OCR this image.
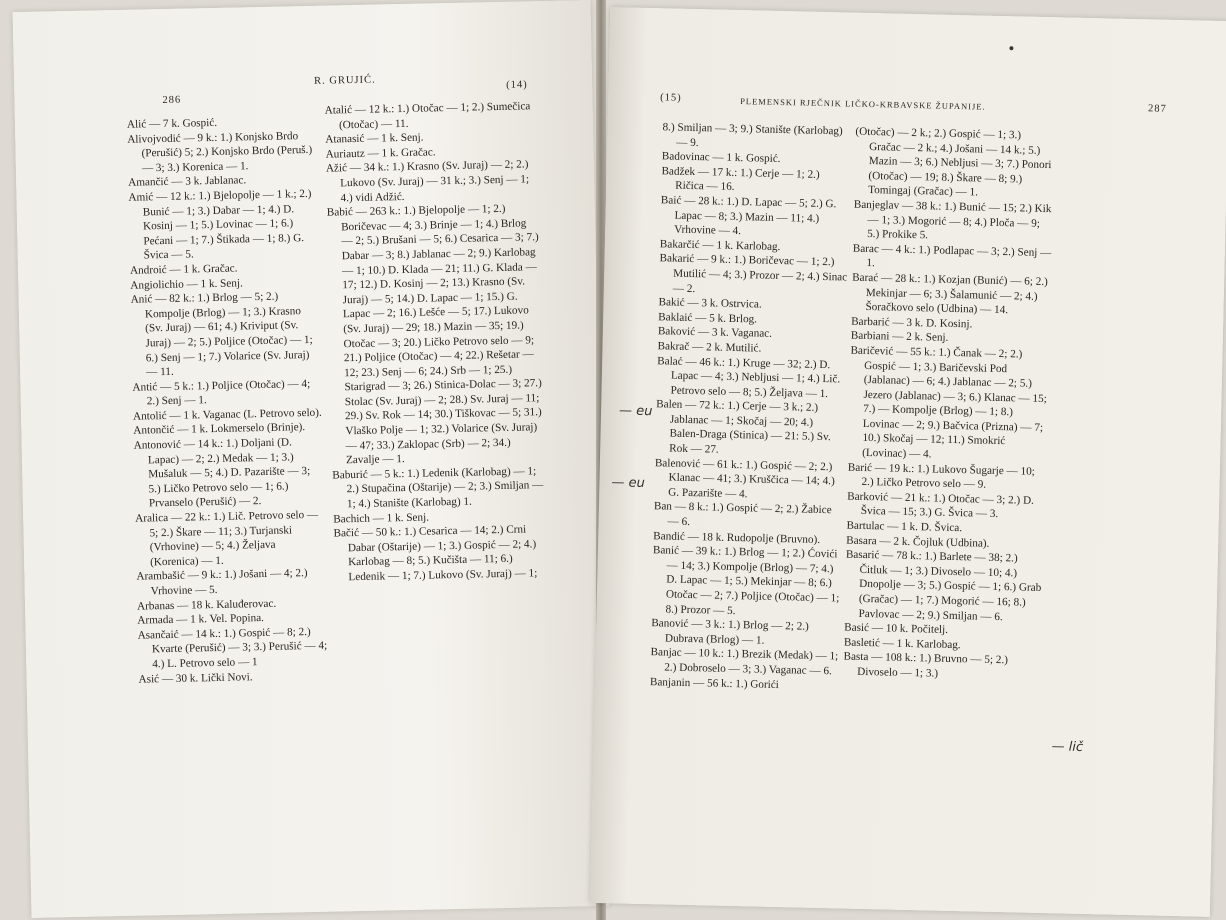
286
R. GRUJIĆ.	(14)

Alić — 7 k. Gospić.

Alivojvodić — 9 k.: 1.) Konjsko Brdo (Perušić) 5; 2.) Konjsko Brdo (Peruš.) — 3; 3.) Korenica — 1.

Amančić — 3 k. Jablanac.

Amić — 12 k.: 1.) Bjelopolje — 1 k.; 2.) Bunić — 1; 3.) Dabar — 1; 4.) D. Kosinj — 1; 5.) Lovinac — 1; 6.) Pećani — 1; 7.) Štikada — 1; 8.) G. Švica — 5.

Androić — 1 k. Gračac.

Angiolichio — 1 k. Senj.

Anić — 82 k.: 1.) Brlog — 5; 2.) Kompolje (Brlog) — 1; 3.) Krasno (Sv. Juraj) — 61; 4.) Kriviput (Sv. Juraj) — 2; 5.) Poljice (Otočac) — 1; 6.) Senj — 1; 7.) Volarice (Sv. Juraj) — 11.

Antić — 5 k.: 1.) Poljice (Otočac) — 4; 2.) Senj — 1.

Antolić — 1 k. Vaganac (L. Petrovo selo).

Antončić — 1 k. Lokmerselo (Brinje).

Antonović — 14 k.: 1.) Doljani (D. Lapac) — 2; 2.) Medak — 1; 3.) Mušaluk — 5; 4.) D. Pazarište — 3; 5.) Ličko Petrovo selo — 1; 6.) Prvanselo (Perušić) — 2.

Aralica — 22 k.: 1.) Lič. Petrovo selo — 5; 2.) Škare — 11; 3.) Turjanski (Vrhovine) — 5; 4.) Željava (Korenica) — 1.

Arambašić — 9 k.: 1.) Jošani — 4; 2.) Vrhovine — 5.

Arbanas — 18 k. Kaluđerovac.

Armada — 1 k. Vel. Popina.

Asančaić — 14 k.: 1.) Gospić — 8; 2.) Kvarte (Perušić) — 3; 3.) Perušić — 4; 4.) L. Petrovo selo — 1

Asić — 30 k. Lički Novi.

Atalić — 12 k.: 1.) Otočac — 1; 2.) Sumečica (Otočac) — 11.

Atanasić — 1 k. Senj.

Auriautz — 1 k. Gračac.

Ažić — 34 k.: 1.) Krasno (Sv. Juraj) — 2; 2.) Lukovo (Sv. Juraj) — 31 k.; 3.) Senj — 1; 4.) vidi Adžić.

Babić — 263 k.: 1.) Bjelopolje — 1; 2.) Boričevac — 4; 3.) Brinje — 1; 4.) Brlog — 2; 5.) Brušani — 5; 6.) Cesarica — 3; 7.) Dabar — 3; 8.) Jablanac — 2; 9.) Karlobag — 1; 10.) D. Klada — 21; 11.) G. Klada — 17; 12.) D. Kosinj — 2; 13.) Krasno (Sv. Juraj) — 5; 14.) D. Lapac — 1; 15.) G. Lapac — 2; 16.) Lešće — 5; 17.) Lukovo (Sv. Juraj) — 29; 18.) Mazin — 35; 19.) Otočac — 3; 20.) Ličko Petrovo selo — 9; 21.) Poljice (Otočac) — 4; 22.) Rešetar — 12; 23.) Senj — 6; 24.) Srb — 1; 25.) Starigrad — 3; 26.) Stinica-Dolac — 3; 27.) Stolac (Sv. Juraj) — 2; 28.) Sv. Juraj — 11; 29.) Sv. Rok — 14; 30.) Tiškovac — 5; 31.) Vlaško Polje — 1; 32.) Volarice (Sv. Juraj) — 47; 33.) Zaklopac (Srb) — 2; 34.) Zavalje — 1.

Baburić — 5 k.: 1.) Ledenik (Karlobag) — 1; 2.) Stupačina (Oštarije) — 2; 3.) Smiljan — 1; 4.) Stanište (Karlobag) 1.

Bachich — 1 k. Senj.

Bačić — 50 k.: 1.) Cesarica — 14; 2.) Crni Dabar (Oštarije) — 1; 3.) Gospić — 2; 4.) Karlobag — 8; 5.) Kučišta — 11; 6.) Ledenik — 1; 7.) Lukovo (Sv. Juraj) — 1;

(15)	PLEMENSKI RJEČNIK LIČKO-KRBAVSKE ŽUPANIJE.	287

8.) Smiljan — 3; 9.) Stanište (Karlobag) — 9.

Badovinac — 1 k. Gospić.

Badžek — 17 k.: 1.) Cerje — 1; 2.) Ričica — 16.

Baić — 28 k.: 1.) D. Lapac — 5; 2.) G. Lapac — 8; 3.) Mazin — 11; 4.) Vrhovine — 4.

Bakarčić — 1 k. Karlobag.

Bakarić — 9 k.: 1.) Boričevac — 1; 2.) Mutilić — 4; 3.) Prozor — 2; 4.) Sinac — 2.

Bakić — 3 k. Ostrvica.

Baklaić — 5 k. Brlog.

Baković — 3 k. Vaganac.

Bakrač — 2 k. Mutilić.

Balać — 46 k.: 1.) Kruge — 32; 2.) D. Lapac — 4; 3.) Nebljusi — 1; 4.) Lič. Petrovo selo — 8; 5.) Željava — 1.

Balen — 72 k.: 1.) Cerje — 3 k.; 2.) Jablanac — 1; Skočaj — 20; 4.) Balen-Draga (Stinica) — 21: 5.) Sv. Rok — 27.

Balenović — 61 k.: 1.) Gospić — 2; 2.) Klanac — 41; 3.) Kruščica — 14; 4.) G. Pazarište — 4.

Ban — 8 k.: 1.) Gospić — 2; 2.) Žabice — 6.

Bandić — 18 k. Rudopolje (Bruvno).

Banić — 39 k.: 1.) Brlog — 1; 2.) Ćovići — 14; 3.) Kompolje (Brlog) — 7; 4.) D. Lapac — 1; 5.) Mekinjar — 8; 6.) Otočac — 2; 7.) Poljice (Otočac) — 1; 8.) Prozor — 5.

Banović — 3 k.: 1.) Brlog — 2; 2.) Dubrava (Brlog) — 1.

Banjac — 10 k.: 1.) Brezik (Medak) — 1; 2.) Dobroselo — 3; 3.) Vaganac — 6.

Banjanin — 56 k.: 1.) Gorići

(Otočac) — 2 k.; 2.) Gospić — 1; 3.) Gračac — 2 k.; 4.) Jošani — 14 k.; 5.) Mazin — 3; 6.) Nebljusi — 3; 7.) Ponori (Otočac) — 19; 8.) Škare — 8; 9.) Tomingaj (Gračac) — 1.

Banjeglav — 38 k.: 1.) Bunić — 15; 2.) Kik — 1; 3.) Mogorić — 8; 4.) Ploča — 9; 5.) Prokike 5.

Barac — 4 k.: 1.) Podlapac — 3; 2.) Senj — 1.

Barać — 28 k.: 1.) Kozjan (Bunić) — 6; 2.) Mekinjar — 6; 3.) Šalamunić — 2; 4.) Šoračkovo selo (Udbina) — 14.

Barbarić — 3 k. D. Kosinj.

Barbiani — 2 k. Senj.

Baričević — 55 k.: 1.) Čanak — 2; 2.) Gospić — 1; 3.) Baričevski Pod (Jablanac) — 6; 4.) Jablanac — 2; 5.) Jezero (Jablanac) — 3; 6.) Klanac — 15; 7.) — Kompolje (Brlog) — 1; 8.) Lovinac — 2; 9.) Bačvica (Prizna) — 7; 10.) Skočaj — 12; 11.) Smokrić (Lovinac) — 4.

Barić — 19 k.: 1.) Lukovo Šugarje — 10; 2.) Ličko Petrovo selo — 9.

Barković — 21 k.: 1.) Otočac — 3; 2.) D. Švica — 15; 3.) G. Švica — 3.

Bartulac — 1 k. D. Švica.

Basara — 2 k. Čojluk (Udbina).

Basarić — 78 k.: 1.) Barlete — 38; 2.) Čitluk — 1; 3.) Divoselo — 10; 4.) Dnopolje — 3; 5.) Gospić — 1; 6.) Grab (Gračac) — 1; 7.) Mogorić — 16; 8.) Pavlovac — 2; 9.) Smiljan — 6.

Basić — 10 k. Počitelj.

Basletić — 1 k. Karlobag.

Basta — 108 k.: 1.) Bruvno — 5; 2.) Divoselo — 1; 3.)

— eu
— eu
— lič
